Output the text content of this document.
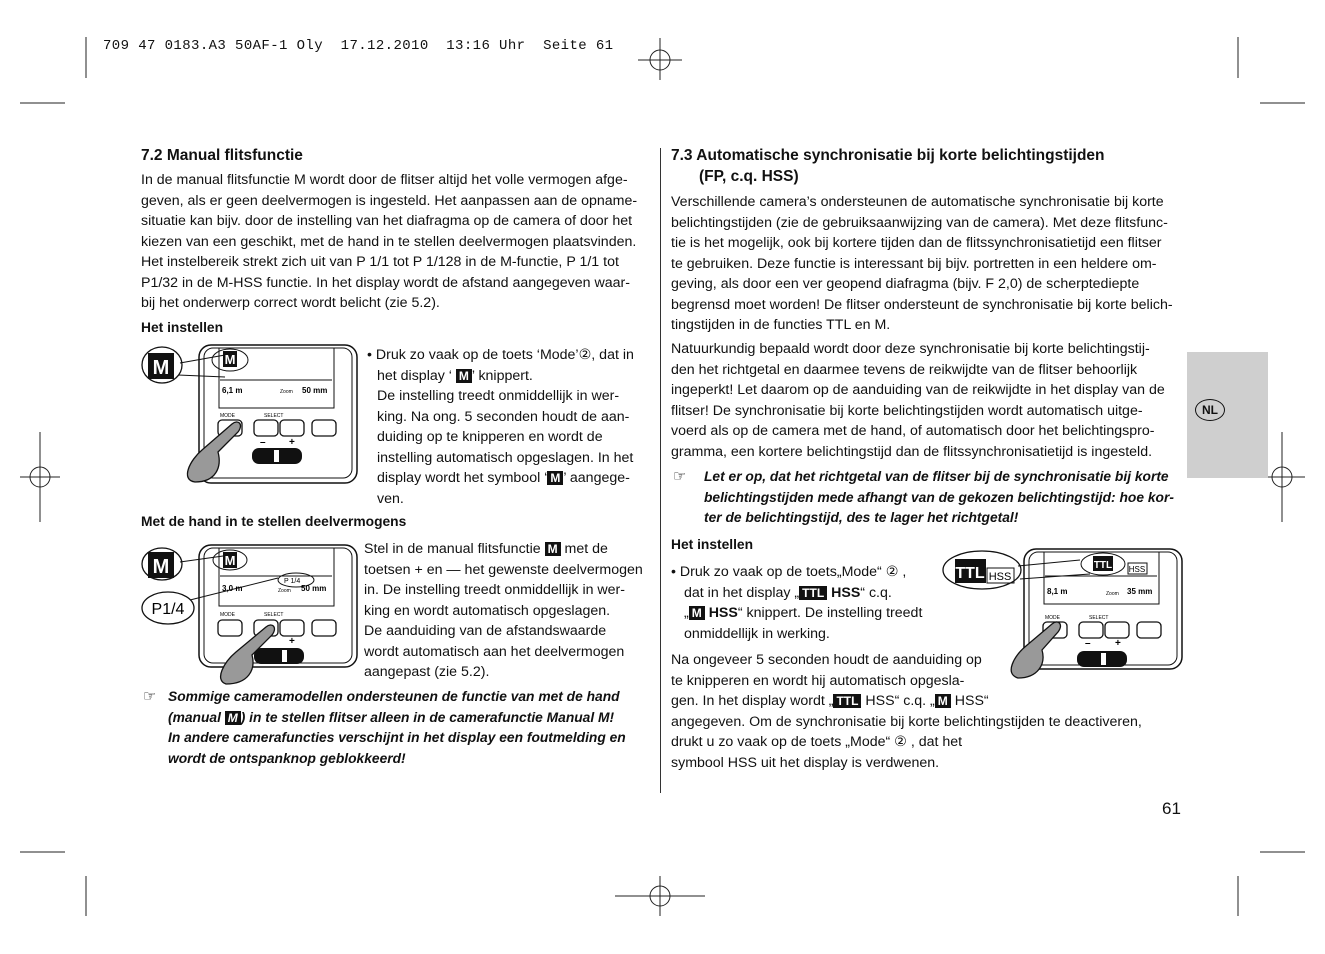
709 47 0183.A3 50AF-1 Oly  17.12.2010  13:16 Uhr  Seite 61
7.2 Manual flitsfunctie

In de manual flitsfunctie M wordt door de flitser altijd het volle vermogen afge-

geven, als er geen deelvermogen is ingesteld. Het aanpassen aan de opname-

situatie kan bijv. door de instelling van het diafragma op de camera of door het

kiezen van een geschikt, met de hand in te stellen deelvermogen plaatsvinden.

Het instelbereik strekt zich uit van P 1/1 tot P 1/128 in de M-functie, P 1/1 tot

P1/32 in de M-HSS functie. In het display wordt de afstand aangegeven waar-

bij het onderwerp correct wordt belicht (zie 5.2).

Het instellen
M	M
6,1 m	Zoom 50 mm
MODE	SELECT
– +

• Druk zo vaak op de toets ‘Mode’②, dat in

het display ‘ M ’ knippert.

De instelling treedt onmiddellijk in wer-

king. Na ong. 5 seconden houdt de aan-

duiding op te knipperen en wordt de

instelling automatisch opgeslagen. In het

display wordt het symbool ‘ M ’ aangege-

ven.

Met de hand in te stellen deelvermogens
M	M
P1/4
P 1/4
3,0 m	Zoom 50 mm
MODE	SELECT
+

Stel in de manual flitsfunctie M met de

toetsen + en — het gewenste deelvermogen

in. De instelling treedt onmiddellijk in wer-

king en wordt automatisch opgeslagen.

De aanduiding van de afstandswaarde

wordt automatisch aan het deelvermogen

aangepast (zie 5.2).

☞ Sommige cameramodellen ondersteunen de functie van met de hand

(manual M ) in te stellen flitser alleen in de camerafunctie Manual M!

In andere camerafuncties verschijnt in het display een foutmelding en

wordt de ontspanknop geblokkeerd!

7.3 Automatische synchronisatie bij korte belichtingstijden
(FP, c.q. HSS)

Verschillende camera’s ondersteunen de automatische synchronisatie bij korte

belichtingstijden (zie de gebruiksaanwijzing van de camera). Met deze flitsfunc-

tie is het mogelijk, ook bij kortere tijden dan de flitssynchronisatietijd een flitser

te gebruiken. Deze functie is interessant bij bijv. portretten in een heldere om-

geving, als door een ver geopend diafragma (bijv. F 2,0) de scherptediepte

begrensd moet worden! De flitser ondersteunt de synchronisatie bij korte belich-

tingstijden in de functies TTL en M.

Natuurkundig bepaald wordt door deze synchronisatie bij korte belichtingstij-

den het richtgetal en daarmee tevens de reikwijdte van de flitser behoorlijk

ingeperkt! Let daarom op de aanduiding van de reikwijdte in het display van de

flitser! De synchronisatie bij korte belichtingstijden wordt automatisch uitge-

voerd als op de camera met de hand, of automatisch door het belichtingspro-

gramma, een kortere belichtingstijd dan de flitssynchronisatietijd is ingesteld.

☞ Let er op, dat het richtgetal van de flitser bij de synchronisatie bij korte

belichtingstijden mede afhangt van de gekozen belichtingstijd: hoe kor-

ter de belichtingstijd, des te lager het richtgetal!

Het instellen

• Druk zo vaak op de toets„Mode“ ② ,

dat in het display „ TTL HSS“ c.q.

„ M HSS“ knippert. De instelling treedt

onmiddellijk in werking.

TTL HSS
TTL HSS
8,1 m	Zoom 35 mm
MODE	SELECT
– +

Na ongeveer 5 seconden houdt de aanduiding op

te knipperen en wordt hij automatisch opgesla-

gen. In het display wordt „ TTL HSS“ c.q. „ M HSS“

angegeven. Om de synchronisatie bij korte belichtingstijden te deactiveren,

drukt u zo vaak op de toets „Mode“ ② , dat het

symbool HSS uit het display is verdwenen.

NL
61
